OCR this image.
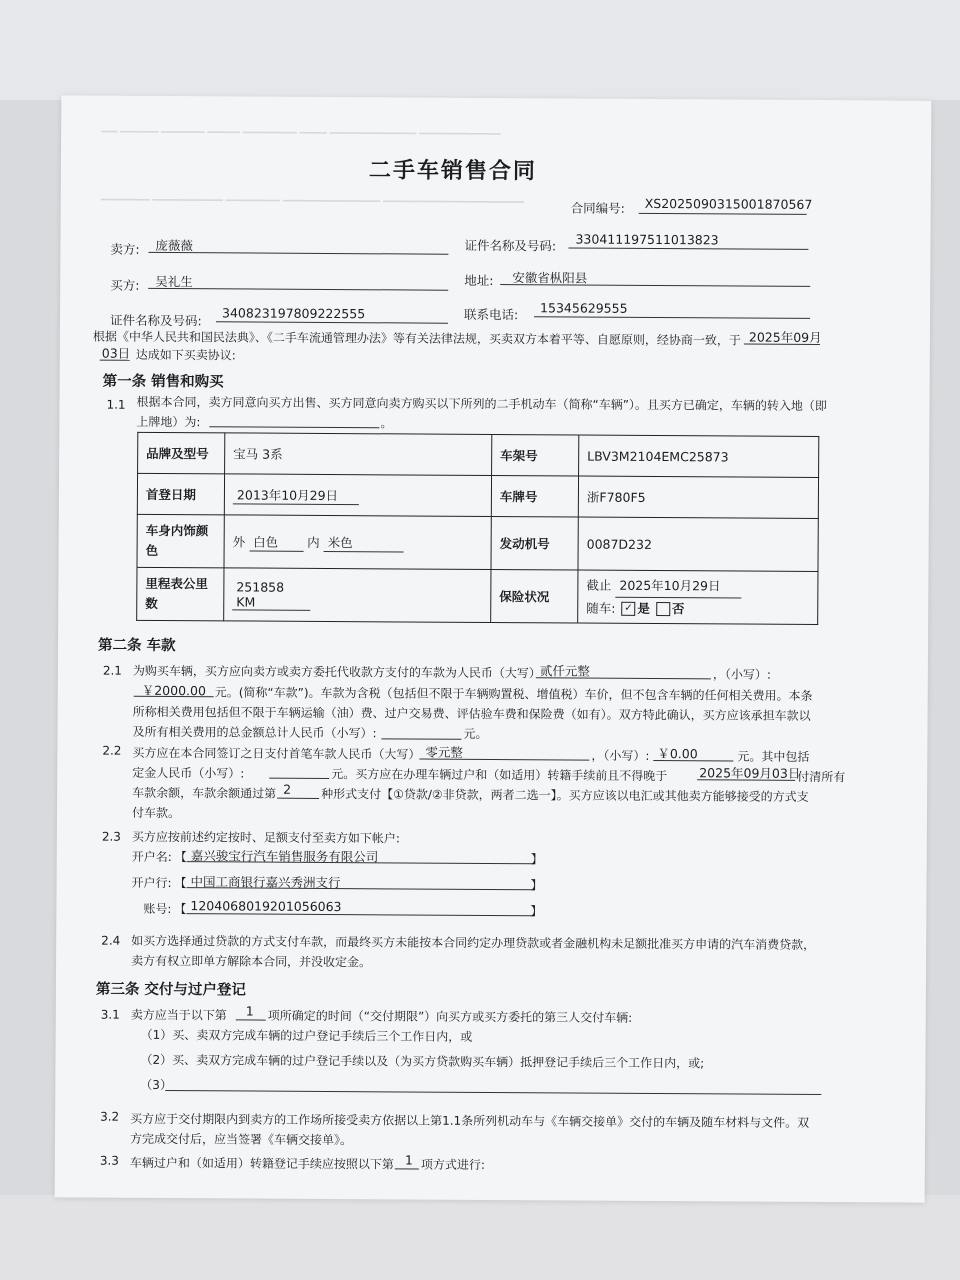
━━━ ━━━━━━━ ━━━━━━━━ ━━━━━━ ━━━━━━━━━━ ━━━━━ ━━━━━━━━━━━━━━━━ ━━━━━━━━━━━━━━━
━━━━━━━━━ ━━━━━━━━━━━━━ ━━━━━━━━━━ ━━━━━━━━━━━━━━━━━━ ━━━━━━━━━━━━━━━━━━━━━━━━━━
二手车销售合同
合同编号: XS2025090315001870567
卖方: 庞薇薇	证件名称及号码: 330411197511013823
买方: 吴礼生	地址: 安徽省枞阳县
证件名称及号码: 340823197809222555	联系电话: 15345629555
根据《中华人民共和国民法典》、《二手车流通管理办法》等有关法律法规，买卖双方本着平等、自愿原则，经协商一致，于 2025年09月
03日 达成如下买卖协议:
第一条 销售和购买
1.1 根据本合同，卖方同意向买方出售、买方同意向卖方购买以下所列的二手机动车（简称“车辆”）。且买方已确定，车辆的转入地（即
上牌地）为:	。
品牌及型号	宝马 3系	车架号	LBV3M2104EMC25873
首登日期	2013年10月29日	车牌号	浙F780F5
车身内饰颜
色	外 白色 内 米色	发动机号	0087D232
里程表公里
数	251858 KM	保险状况	截止 2025年10月29日
随车: ✓ 是 否
第二条 车款
2.1 为购买车辆，买方应向卖方或卖方委托代收款方支付的车款为人民币（大写）
贰仟元整	，（小写）:
￥2000.00 元。(简称“车款”)。车款为含税（包括但不限于车辆购置税、增值税）车价，但不包含车辆的任何相关费用。本条
所称相关费用包括但不限于车辆运输（油）费、过户交易费、评估验车费和保险费（如有）。双方特此确认，买方应该承担车款以
及所有相关费用的总金额总计人民币（小写）:	元。
2.2 买方应在本合同签订之日支付首笔车款人民币（大写） 零元整	，（小写）: ￥0.00	元。其中包括
定金人民币（小写）:	元。买方应在办理车辆过户和（如适用）转籍手续前且不得晚于	2025年09月03日
付清所有
车款余额，车款余额通过第 2 种形式支付【①贷款/②非贷款，两者二选一】。买方应该以电汇或其他卖方能够接受的方式支
付车款。
2.3 买方应按前述约定按时、足额支付至卖方如下帐户:
开户名: 【 嘉兴骏宝行汽车销售服务有限公司	】
开户行: 【 中国工商银行嘉兴秀洲支行	】
账号: 【 1204068019201056063	】
2.4 如买方选择通过贷款的方式支付车款，而最终买方未能按本合同约定办理贷款或者金融机构未足额批准买方申请的汽车消费贷款，
卖方有权立即单方解除本合同，并没收定金。
第三条 交付与过户登记
3.1 卖方应当于以下第 1 项所确定的时间（“交付期限”）向买方或买方委托的第三人交付车辆:
（1）买、卖双方完成车辆的过户登记手续后三个工作日内，或
（2）买、卖双方完成车辆的过户登记手续以及（为买方贷款购买车辆）抵押登记手续后三个工作日内，或;
（3）
3.2 买方应于交付期限内到卖方的工作场所接受卖方依据以上第1.1条所列机动车与《车辆交接单》交付的车辆及随车材料与文件。双
方完成交付后，应当签署《车辆交接单》。
3.3 车辆过户和（如适用）转籍登记手续应按照以下第 1 项方式进行:
